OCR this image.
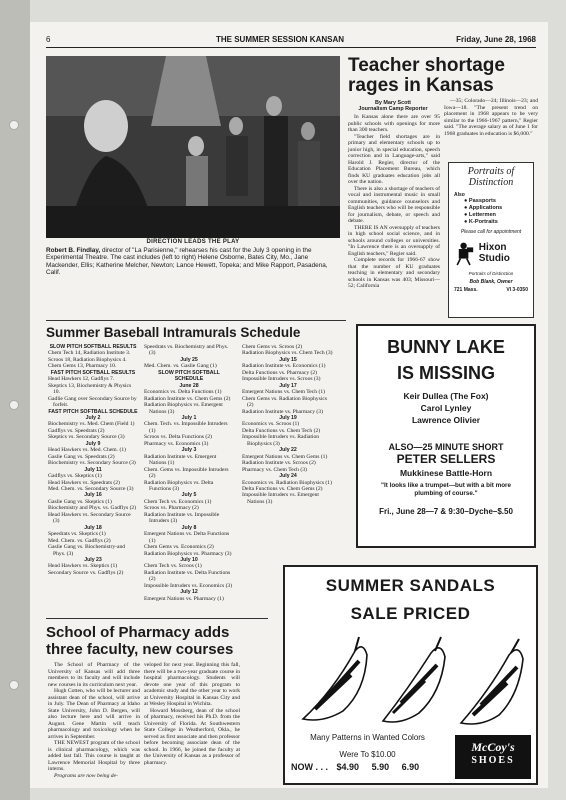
6	THE SUMMER SESSION KANSAN	Friday, June 28, 1968
DIRECTION LEADS THE PLAY
Robert B. Findlay, director of "La Parisienne," rehearses his cast for the July 3 opening in the Experimental Theatre. The cast includes (left to right) Helene Osborne, Bates City, Mo., Jane Mackender, Ellis; Katherine Melcher, Newton; Lance Hewett, Topeka; and Mike Rapport, Pasadena, Calif.
Teacher shortage rages in Kansas
By Mary Scott
Journalism Camp Reporter

In Kansas alone there are over 95 public schools with openings for more than 300 teachers.

"Teacher field shortages are in primary and elementary schools up to junior high, in special education, speech correction and in Language-arts," said Harold J. Regier, director of the Education Placement Bureau, which finds KU graduates education jobs all over the nation.

There is also a shortage of teachers of vocal and instrumental music in small communities, guidance counselors and English teachers who will be responsible for journalism, debate, or speech and debate.

THERE IS AN oversupply of teachers in high school social science, and in schools around colleges or universities. "In Lawrence there is an oversupply of English teachers," Regier said.

Complete records for 1966-67 show that the number of KU graduates teaching in elementary and secondary schools in Kansas was 403; Missouri—52; California

—35; Colorado—24; Illinois—23; and Iowa—18. "The present trend on placement in 1968 appears to be very similar to the 1966-1967 pattern," Regier said. "The average salary as of June 1 for 1968 graduates in education is $6,000."

Portraits of Distinction
Also
● Passports
● Applications
● Lettermen
● K-Portraits
Please call for appointment
Hixon Studio
Portraits of Distinction
Bob Blank, Owner
721 Mass.	VI 3-0350
Summer Baseball Intramurals Schedule
SLOW PITCH SOFTBALL RESULTS
Chem Tech 14, Radiation Institute 3.
Scroos 18, Radiation Biophysics 4.
Chem Gems 13, Pharmacy 10.
FAST PITCH SOFTBALL RESULTS
Head Hawkers 12, Gadflys 7.
Skeptics 13, Biochemistry & Physics 10.
Gadlie Gang over Secondary Source by forfeit.
FAST PITCH SOFTBALL SCHEDULE
July 2
Biochemistry vs. Med. Chem (Field 1)
Gadflys vs. Speedrats (2)
Skeptics vs. Secondary Source (3)
July 9
Head Hawkers vs. Med. Chem. (1)
Gaslie Gang vs. Speedrats (2)
Biochemistry vs. Secondary Source (3)
July 11
Gadflys vs. Skeptics (1)
Head Hawkers vs. Speedrats (2)
Med. Chem. vs. Secondary Source (3)
July 16
Gaslie Gang vs. Skeptics (1)
Biochemistry and Phys. vs. Gadflys (2)
Head Hawkers vs. Secondary Source (3)
July 18
Speedrats vs. Skeptics (1)
Med. Chem. vs. Gadflys (2)
Gaslie Gang vs. Biochemistry-and Phys. (3)
July 23
Head Hawkers vs. Skeptics (1)
Secondary Source vs. Gadflys (2)
Speedrats vs. Biochemistry and Phys. (3)
July 25
Med. Chem. vs. Gaslie Gang (1)
SLOW PITCH SOFTBALL SCHEDULE
June 28
Economics vs. Delta Functions (1)
Radiation Institute vs. Chem Gems (2)
Radiation Biophysics vs. Emergent Nations (3)
July 1
Chem. Tech. vs. Impossible Intruders (1)
Scroos vs. Delta Functions (2)
Pharmacy vs. Economics (3)
July 3
Radiation Institute vs. Emergent Nations (1)
Chem. Gems vs. Impossible Intruders (2)
Radiation Biophysics vs. Delta Functions (3)
July 5
Chem Tech vs. Economics (1)
Scroos vs. Pharmacy (2)
Radiation Institute vs. Impossible Intruders (3)
July 8
Emergent Nations vs. Delta Functions (1)
Chem Gems vs. Economics (2)
Radiation Biophysics vs. Pharmacy (3)
July 10
Chem Tech vs. Scroos (1)
Radiation Institute vs. Delta Functions (2)
Impossible Intruders vs. Economics (3)
July 12
Emergent Nations vs. Pharmacy (1)
Chem Gems vs. Scroos (2)
Radiation Biophysics vs. Chem Tech (3)
July 15
Radiation Institute vs. Economics (1)
Delta Functions vs. Pharmacy (2)
Impossible Intruders vs. Scroos (3)
July 17
Emergent Nations vs. Chem Tech (1)
Chem Gems vs. Radiation Biophysics (2)
Radiation Institute vs. Pharmacy (3)
July 19
Economics vs. Scroos (1)
Delta Functions vs. Chem Tech (2)
Impossible Intruders vs. Radiation Biophysics (3)
July 22
Emergent Nations vs. Chem Gems (1)
Radiation Institute vs. Scroos (2)
Pharmacy vs. Chem Tech (3)
July 24
Economics vs. Radiation Biophysics (1)
Delta Functions vs. Chem Gems (2)
Impossible Intruders vs. Emergent Nations (3)
BUNNY LAKE
IS MISSING
Keir Dullea (The Fox)
Carol Lynley
Lawrence Olivier
ALSO—25 MINUTE SHORT
PETER SELLERS
Mukkinese Battle-Horn
"It looks like a trumpet—but with a bit more plumbing of course."
Fri., June 28—7 & 9:30–Dyche–$.50
School of Pharmacy adds three faculty, new courses

The School of Pharmacy of the University of Kansas will add three members to its faculty and will include new courses in its curriculum next year.

Hugh Cotten, who will be lecturer and assistant dean of the school, will arrive in July. The Dean of Pharmacy at Idaho State University, John D. Bergen, will also lecture here and will arrive in August. Gene Martin will teach pharmacology and toxicology when he arrives in September.

THE NEWEST program of the school is clinical pharmacology, which was added last fall. This course is taught at Lawrence Memorial Hospital by three interns.

Programs are now being de-

veloped for next year. Beginning this fall, there will be a two-year graduate course in hospital pharmacology. Students will devote one year of this program to academic study and the other year to work at University Hospital in Kansas City and at Wesley Hospital in Wichita.

Howard Mossberg, dean of the school of pharmacy, received his Ph.D. from the University of Florida. At Southwestern State College in Weatherford, Okla., he served as first associate and then professor before becoming associate dean of the school. In 1966, he joined the faculty at the University of Kansas as a professor of pharmacy.

SUMMER SANDALS
SALE PRICED
Many Patterns in Wanted Colors
Were To $10.00
NOW . . . $4.90 5.90 6.90
McCoy's
SHOES
